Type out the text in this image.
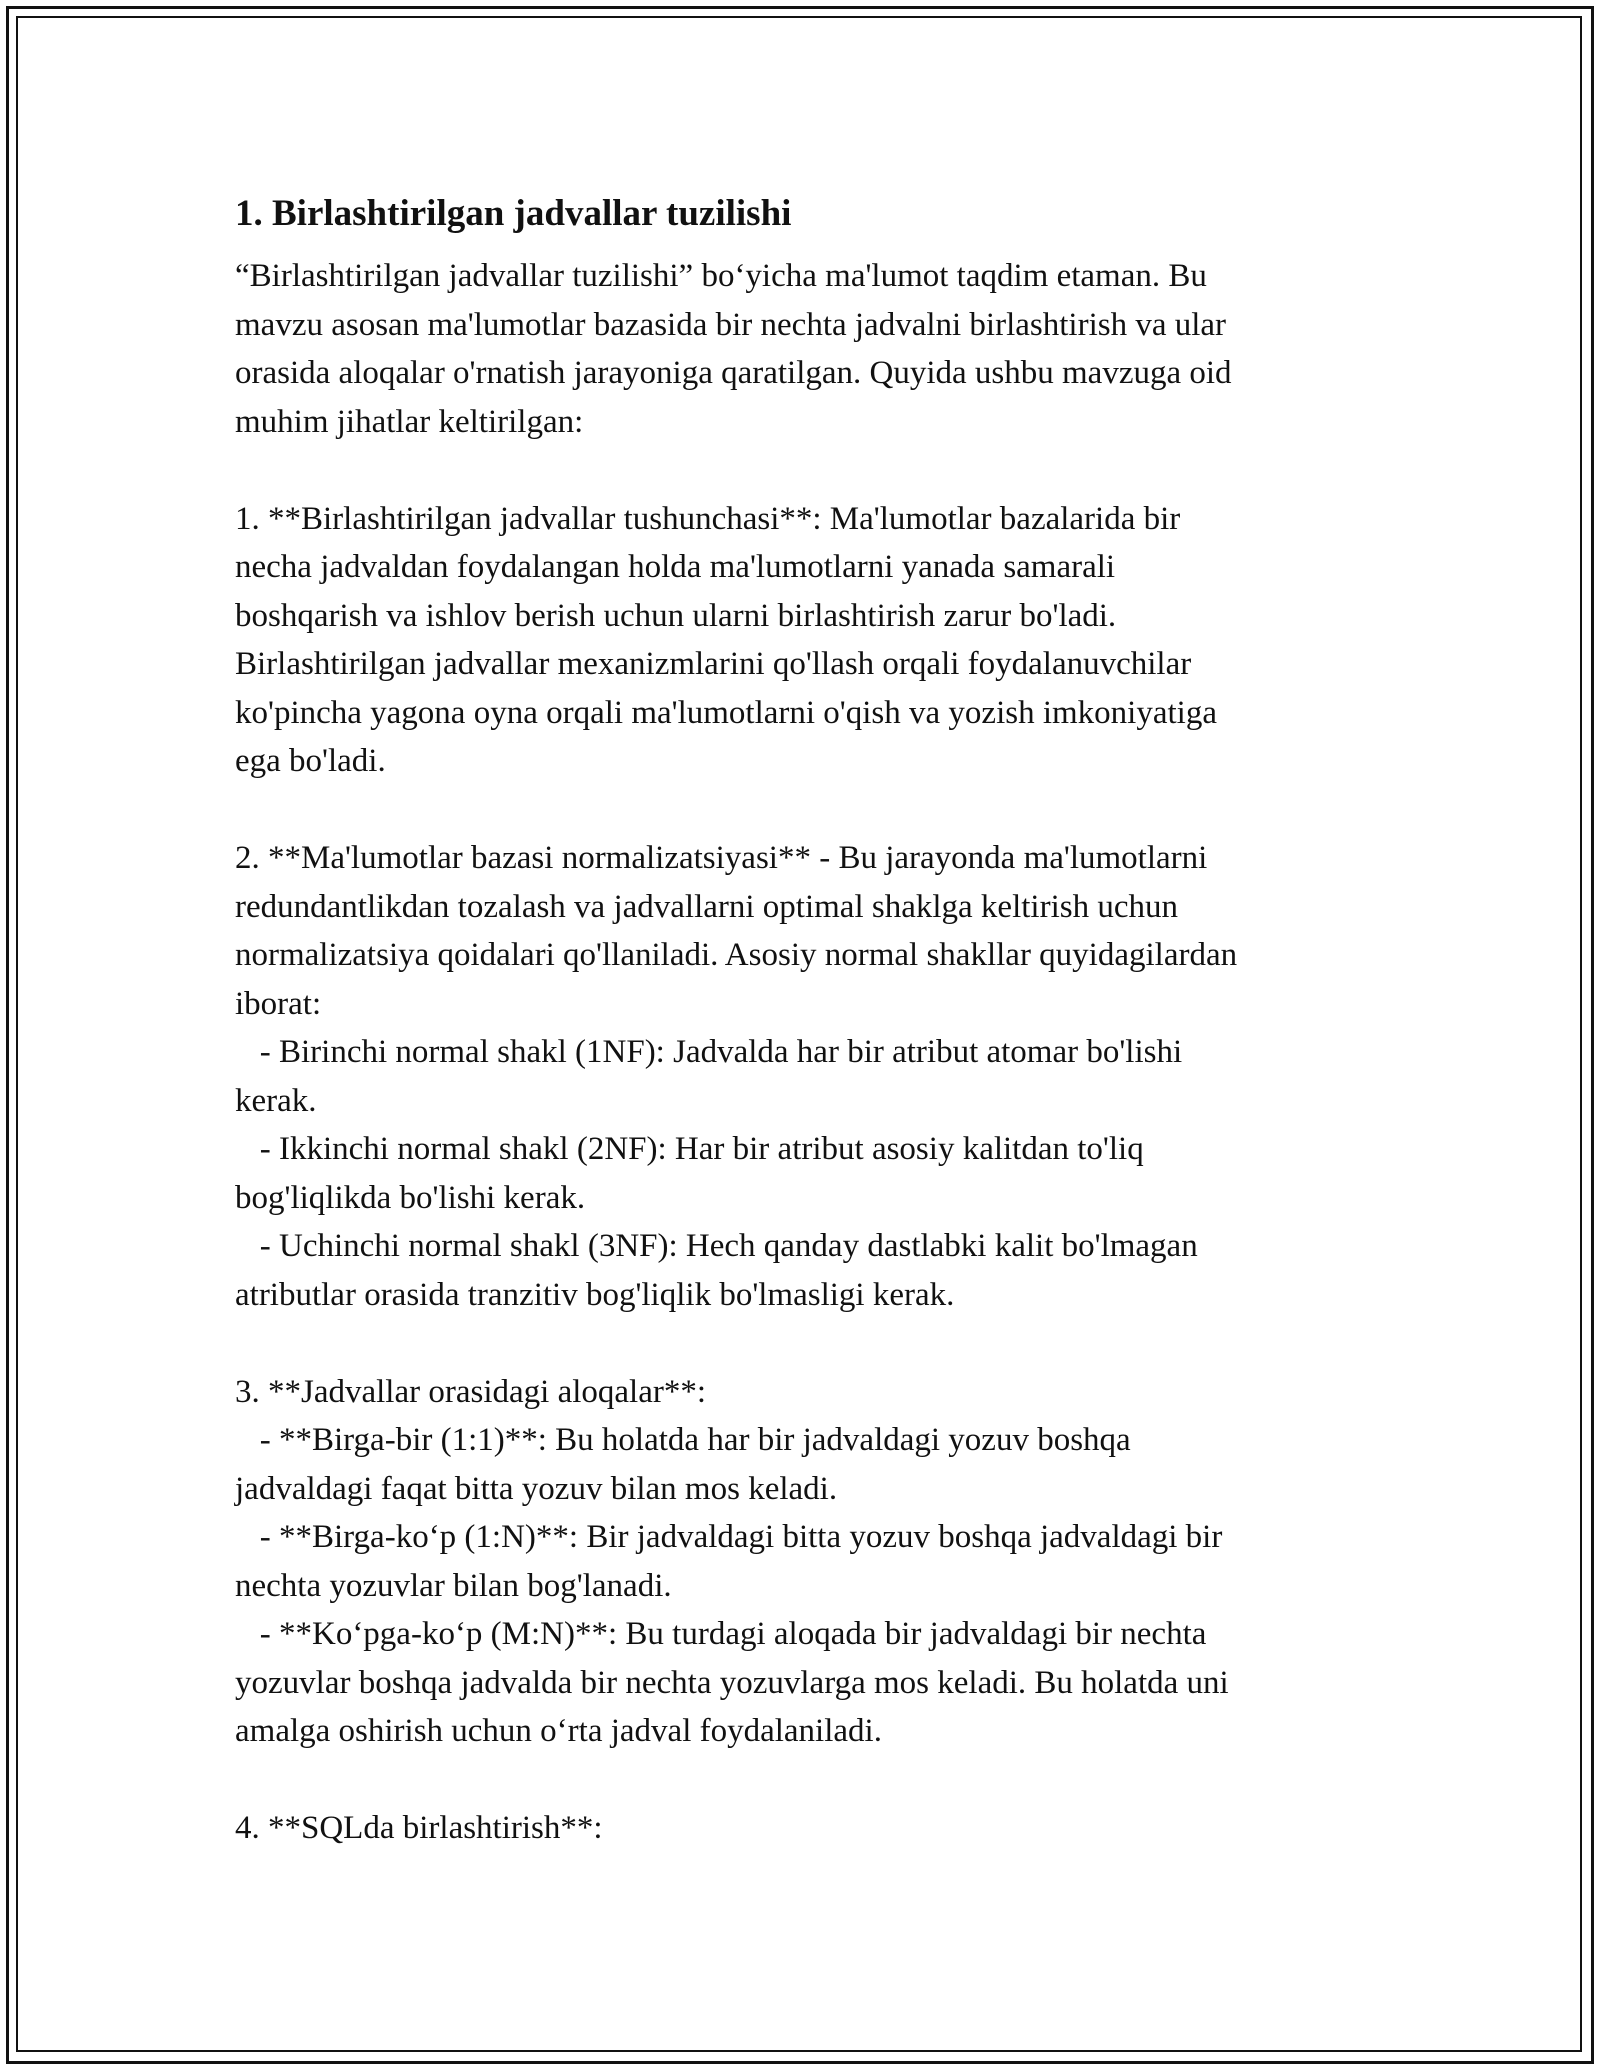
1. Birlashtirilgan jadvallar tuzilishi
“Birlashtirilgan jadvallar tuzilishi” bo‘yicha ma'lumot taqdim etaman. Bu
mavzu asosan ma'lumotlar bazasida bir nechta jadvalni birlashtirish va ular
orasida aloqalar o'rnatish jarayoniga qaratilgan. Quyida ushbu mavzuga oid
muhim jihatlar keltirilgan:
1. **Birlashtirilgan jadvallar tushunchasi**: Ma'lumotlar bazalarida bir
necha jadvaldan foydalangan holda ma'lumotlarni yanada samarali
boshqarish va ishlov berish uchun ularni birlashtirish zarur bo'ladi.
Birlashtirilgan jadvallar mexanizmlarini qo'llash orqali foydalanuvchilar
ko'pincha yagona oyna orqali ma'lumotlarni o'qish va yozish imkoniyatiga
ega bo'ladi.
2. **Ma'lumotlar bazasi normalizatsiyasi** - Bu jarayonda ma'lumotlarni
redundantlikdan tozalash va jadvallarni optimal shaklga keltirish uchun
normalizatsiya qoidalari qo'llaniladi. Asosiy normal shakllar quyidagilardan
iborat:
- Birinchi normal shakl (1NF): Jadvalda har bir atribut atomar bo'lishi
kerak.
- Ikkinchi normal shakl (2NF): Har bir atribut asosiy kalitdan to'liq
bog'liqlikda bo'lishi kerak.
- Uchinchi normal shakl (3NF): Hech qanday dastlabki kalit bo'lmagan
atributlar orasida tranzitiv bog'liqlik bo'lmasligi kerak.
3. **Jadvallar orasidagi aloqalar**:
- **Birga-bir (1:1)**: Bu holatda har bir jadvaldagi yozuv boshqa
jadvaldagi faqat bitta yozuv bilan mos keladi.
- **Birga-ko‘p (1:N)**: Bir jadvaldagi bitta yozuv boshqa jadvaldagi bir
nechta yozuvlar bilan bog'lanadi.
- **Ko‘pga-ko‘p (M:N)**: Bu turdagi aloqada bir jadvaldagi bir nechta
yozuvlar boshqa jadvalda bir nechta yozuvlarga mos keladi. Bu holatda uni
amalga oshirish uchun o‘rta jadval foydalaniladi.
4. **SQLda birlashtirish**:
